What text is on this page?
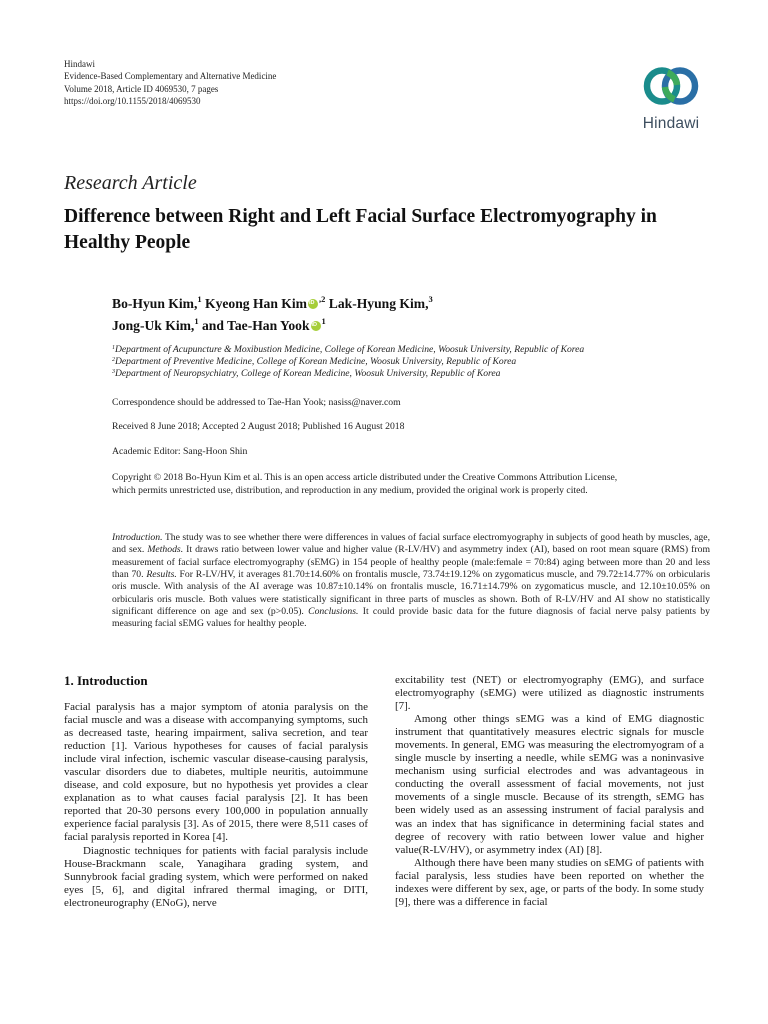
Hindawi
Evidence-Based Complementary and Alternative Medicine
Volume 2018, Article ID 4069530, 7 pages
https://doi.org/10.1155/2018/4069530
Hindawi
Research Article
Difference between Right and Left Facial Surface Electromyography in Healthy People
Bo-Hyun Kim,$^1$ Kyeong Han Kim iD $^{,2}$ Lak-Hyung Kim,$^3$
Jong-Uk Kim,$^1$ and Tae-Han Yook iD $^1$
$^1$Department of Acupuncture & Moxibustion Medicine, College of Korean Medicine, Woosuk University, Republic of Korea
$^2$Department of Preventive Medicine, College of Korean Medicine, Woosuk University, Republic of Korea
$^3$Department of Neuropsychiatry, College of Korean Medicine, Woosuk University, Republic of Korea
Correspondence should be addressed to Tae-Han Yook; nasiss@naver.com
Received 8 June 2018; Accepted 2 August 2018; Published 16 August 2018
Academic Editor: Sang-Hoon Shin
Copyright © 2018 Bo-Hyun Kim et al. This is an open access article distributed under the Creative Commons Attribution License,
which permits unrestricted use, distribution, and reproduction in any medium, provided the original work is properly cited.
Introduction. The study was to see whether there were differences in values of facial surface electromyography in subjects of good heath by muscles, age, and sex. Methods. It draws ratio between lower value and higher value (R-LV/HV) and asymmetry index (AI), based on root mean square (RMS) from measurement of facial surface electromyography (sEMG) in 154 people of healthy people (male:female = 70:84) aging between more than 20 and less than 70. Results. For R-LV/HV, it averages 81.70±14.60% on frontalis muscle, 73.74±19.12% on zygomaticus muscle, and 79.72±14.77% on orbicularis oris muscle. With analysis of the AI average was 10.87±10.14% on frontalis muscle, 16.71±14.79% on zygomaticus muscle, and 12.10±10.05% on orbicularis oris muscle. Both values were statistically significant in three parts of muscles as shown. Both of R-LV/HV and AI show no statistically significant difference on age and sex (p>0.05). Conclusions. It could provide basic data for the future diagnosis of facial nerve palsy patients by measuring facial sEMG values for healthy people.
1. Introduction

Facial paralysis has a major symptom of atonia paralysis on the facial muscle and was a disease with accompanying symptoms, such as decreased taste, hearing impairment, saliva secretion, and tear reduction [1]. Various hypotheses for causes of facial paralysis include viral infection, ischemic vascular disease-causing paralysis, vascular disorders due to diabetes, multiple neuritis, autoimmune disease, and cold exposure, but no hypothesis yet provides a clear explanation as to what causes facial paralysis [2]. It has been reported that 20-30 persons every 100,000 in population annually experience facial paralysis [3]. As of 2015, there were 8,511 cases of facial paralysis reported in Korea [4].

Diagnostic techniques for patients with facial paralysis include House-Brackmann scale, Yanagihara grading system, and Sunnybrook facial grading system, which were performed on naked eyes [5, 6], and digital infrared thermal imaging, or DITI, electroneurography (ENoG), nerve

excitability test (NET) or electromyography (EMG), and surface electromyography (sEMG) were utilized as diagnostic instruments [7].

Among other things sEMG was a kind of EMG diagnostic instrument that quantitatively measures electric signals for muscle movements. In general, EMG was measuring the electromyogram of a single muscle by inserting a needle, while sEMG was a noninvasive mechanism using surficial electrodes and was advantageous in conducting the overall assessment of facial movements, not just movements of a single muscle. Because of its strength, sEMG has been widely used as an assessing instrument of facial paralysis and was an index that has significance in determining facial states and degree of recovery with ratio between lower value and higher value(R-LV/HV), or asymmetry index (AI) [8].

Although there have been many studies on sEMG of patients with facial paralysis, less studies have been reported on whether the indexes were different by sex, age, or parts of the body. In some study [9], there was a difference in facial
